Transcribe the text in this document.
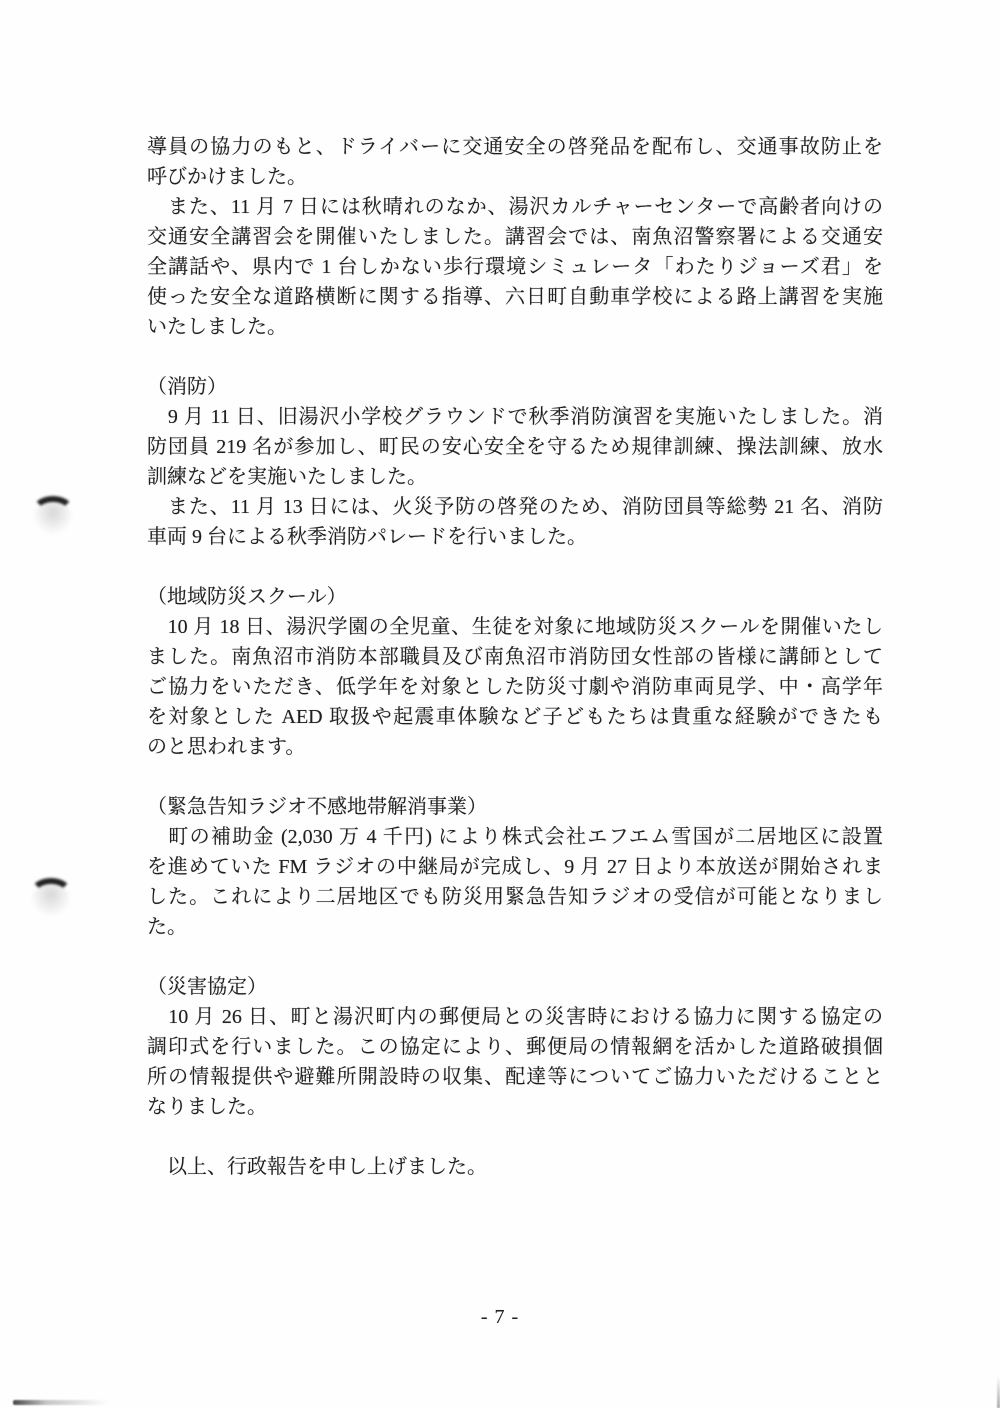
導員の協力のもと、ドライバーに交通安全の啓発品を配布し、交通事故防止を
呼びかけました。
　また、11 月 7 日には秋晴れのなか、湯沢カルチャーセンターで高齢者向けの
交通安全講習会を開催いたしました。講習会では、南魚沼警察署による交通安
全講話や、県内で 1 台しかない歩行環境シミュレータ「わたりジョーズ君」を
使った安全な道路横断に関する指導、六日町自動車学校による路上講習を実施
いたしました。
（消防）
　9 月 11 日、旧湯沢小学校グラウンドで秋季消防演習を実施いたしました。消
防団員 219 名が参加し、町民の安心安全を守るため規律訓練、操法訓練、放水
訓練などを実施いたしました。
　また、11 月 13 日には、火災予防の啓発のため、消防団員等総勢 21 名、消防
車両 9 台による秋季消防パレードを行いました。
（地域防災スクール）
　10 月 18 日、湯沢学園の全児童、生徒を対象に地域防災スクールを開催いたし
ました。南魚沼市消防本部職員及び南魚沼市消防団女性部の皆様に講師として
ご協力をいただき、低学年を対象とした防災寸劇や消防車両見学、中・高学年
を対象とした AED 取扱や起震車体験など子どもたちは貴重な経験ができたも
のと思われます。
（緊急告知ラジオ不感地帯解消事業）
　町の補助金 (2,030 万 4 千円) により株式会社エフエム雪国が二居地区に設置
を進めていた FM ラジオの中継局が完成し、9 月 27 日より本放送が開始されま
した。これにより二居地区でも防災用緊急告知ラジオの受信が可能となりまし
た。
（災害協定）
　10 月 26 日、町と湯沢町内の郵便局との災害時における協力に関する協定の
調印式を行いました。この協定により、郵便局の情報網を活かした道路破損個
所の情報提供や避難所開設時の収集、配達等についてご協力いただけることと
なりました。
　以上、行政報告を申し上げました。
- 7 -
